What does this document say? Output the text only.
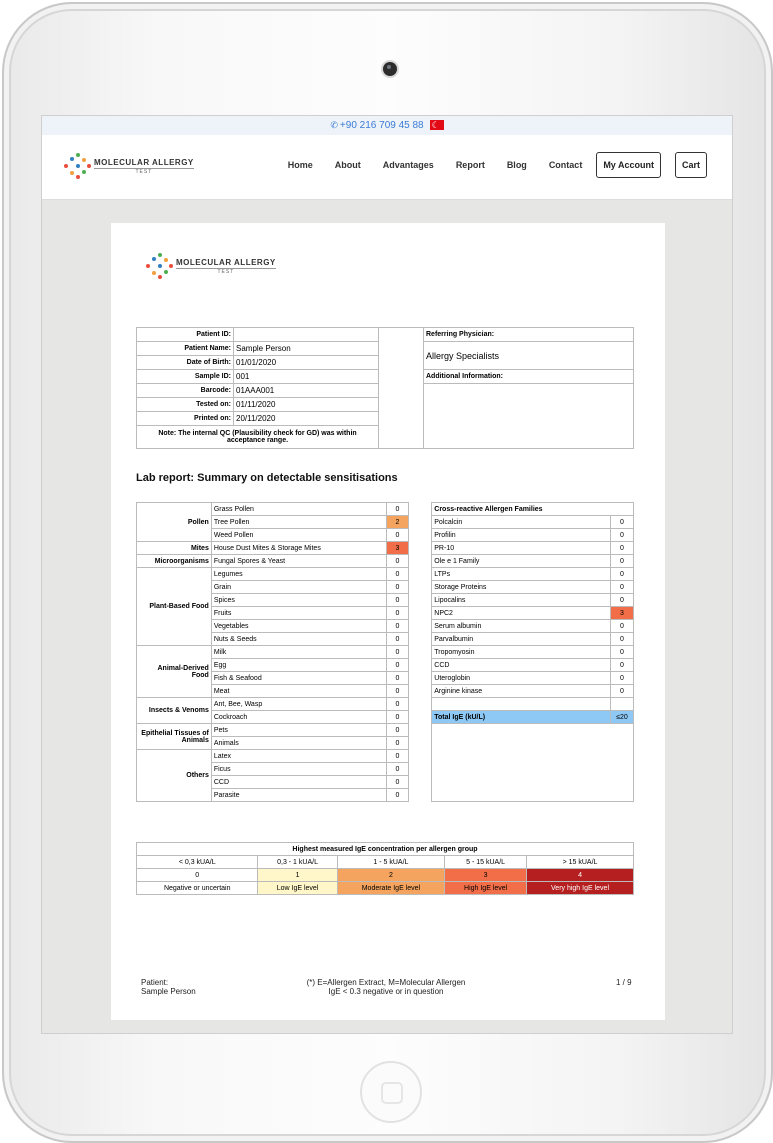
✆ +90 216 709 45 88☾
MOLECULAR ALLERGY
TEST
Home About Advantages Report Blog Contact	My Account	Cart
MOLECULAR ALLERGY
TEST
Patient ID:			Referring Physician:
Patient Name:	Sample Person		Allergy Specialists
Date of Birth:	01/01/2020		
Sample ID:	001		Additional Information:
Barcode:	01AAA001		
Tested on:	01/11/2020		
Printed on:	20/11/2020		
Note: The internal QC (Plausibility check for GD) was within acceptance range.			
Lab report: Summary on detectable sensitisations
Pollen	Grass Pollen	0		Cross-reactive Allergen Families	
	Tree Pollen	2		Polcalcin	0
	Weed Pollen	0		Profilin	0
Mites	House Dust Mites & Storage Mites	3		PR-10	0
Microorganisms	Fungal Spores & Yeast	0		Ole e 1 Family	0
Plant-Based Food	Legumes	0		LTPs	0
	Grain	0		Storage Proteins	0
	Spices	0		Lipocalins	0
	Fruits	0		NPC2	3
	Vegetables	0		Serum albumin	0
	Nuts & Seeds	0		Parvalbumin	0
Animal-Derived Food	Milk	0		Tropomyosin	0
	Egg	0		CCD	0
	Fish & Seafood	0		Uteroglobin	0
	Meat	0		Arginine kinase	0
Insects & Venoms	Ant, Bee, Wasp	0			
	Cockroach	0		Total IgE (kU/L)	≤20
Epithelial Tissues of Animals	Pets	0			
	Animals	0			
Others	Latex	0			
	Ficus	0			
	CCD	0			
	Parasite	0			
Highest measured IgE concentration per allergen group				
< 0,3 kUA/L	0,3 - 1 kUA/L	1 - 5 kUA/L	5 - 15 kUA/L	> 15 kUA/L
0	1	2	3	4
Negative or uncertain	Low IgE level	Moderate IgE level	High IgE level	Very high IgE level
Patient:
Sample Person
(*) E=Allergen Extract, M=Molecular Allergen
IgE < 0.3 negative or in question
1 / 9
